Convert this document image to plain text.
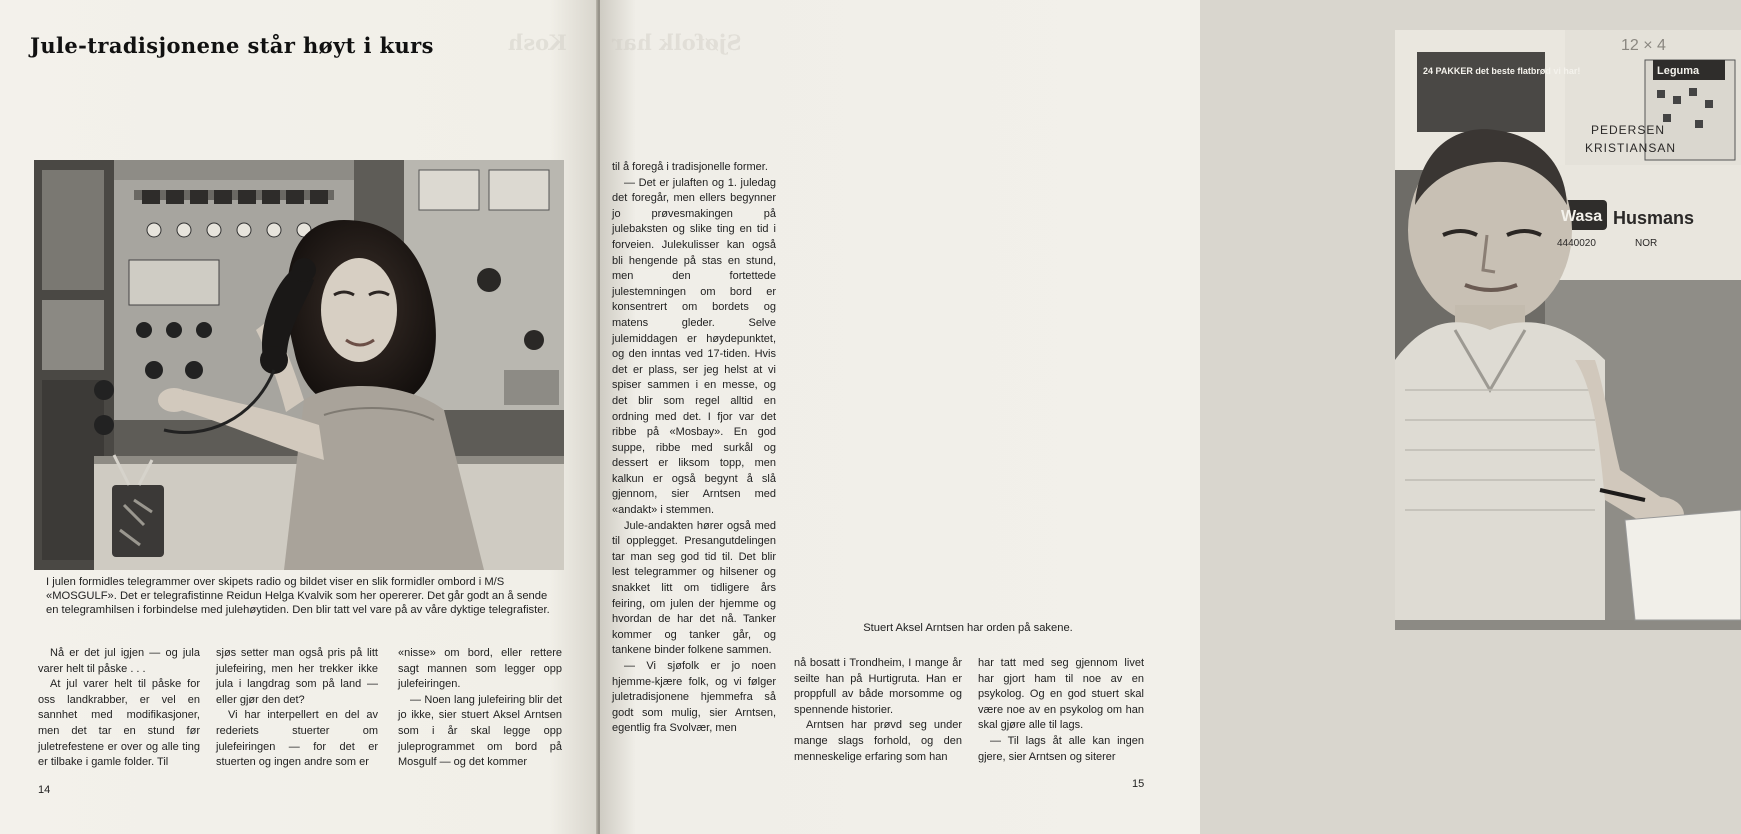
Jule-tradisjonene står høyt i kurs	Kosh
I julen formidles telegrammer over skipets radio og bildet viser en slik formidler ombord i M/S «MOSGULF». Det er telegrafistinne Reidun Helga Kvalvik som her opererer. Det går godt an å sende en telegramhilsen i forbindelse med julehøytiden. Den blir tatt vel vare på av våre dyktige telegrafister.

Nå er det jul igjen — og jula varer helt til påske . . .

At jul varer helt til påske for oss landkrabber, er vel en sannhet med modifikasjoner, men det tar en stund før juletrefestene er over og alle ting er tilbake i gamle folder. Til

sjøs setter man også pris på litt julefeiring, men her trekker ikke jula i langdrag som på land — eller gjør den det?

Vi har interpellert en del av rederiets stuerter om julefeiringen — for det er stuerten og ingen andre som er

«nisse» om bord, eller rettere sagt mannen som legger opp julefeiringen.

— Noen lang julefeiring blir det jo ikke, sier stuert Aksel Arntsen som i år skal legge opp juleprogrammet om bord på Mosgulf — og det kommer

14
Sjøfolk har

til å foregå i tradisjonelle former.

— Det er julaften og 1. juledag det foregår, men ellers begynner jo prøvesmakingen på julebaksten og slike ting en tid i forveien. Julekulisser kan også bli hengende på stas en stund, men den fortettede julestemningen om bord er konsentrert om bordets og matens gleder. Selve julemiddagen er høydepunktet, og den inntas ved 17-tiden. Hvis det er plass, ser jeg helst at vi spiser sammen i en messe, og det blir som regel alltid en ordning med det. I fjor var det ribbe på «Mosbay». En god suppe, ribbe med surkål og dessert er liksom topp, men kalkun er også begynt å slå gjennom, sier Arntsen med «andakt» i stemmen.

Jule-andakten hører også med til opplegget. Presangutdelingen tar man seg god tid til. Det blir lest telegrammer og hilsener og snakket litt om tidligere års feiring, om julen der hjemme og hvordan de har det nå. Tanker kommer og tanker går, og tankene binder folkene sammen.

— Vi sjøfolk er jo noen hjemme-kjære folk, og vi følger juletradisjonene hjemmefra så godt som mulig, sier Arntsen, egentlig fra Svolvær, men

12 × 4
24 PAKKER det beste flatbrød vi har!	Leguma
PEDERSEN
KRISTIANSAN
Wasa Husmans
4440020	NOR
Stuert Aksel Arntsen har orden på sakene.

nå bosatt i Trondheim, I mange år seilte han på Hurtigruta. Han er proppfull av både morsomme og spennende historier.

Arntsen har prøvd seg under mange slags forhold, og den menneskelige erfaring som han

har tatt med seg gjennom livet har gjort ham til noe av en psykolog. Og en god stuert skal være noe av en psykolog om han skal gjøre alle til lags.

— Til lags åt alle kan ingen gjere, sier Arntsen og siterer

15
